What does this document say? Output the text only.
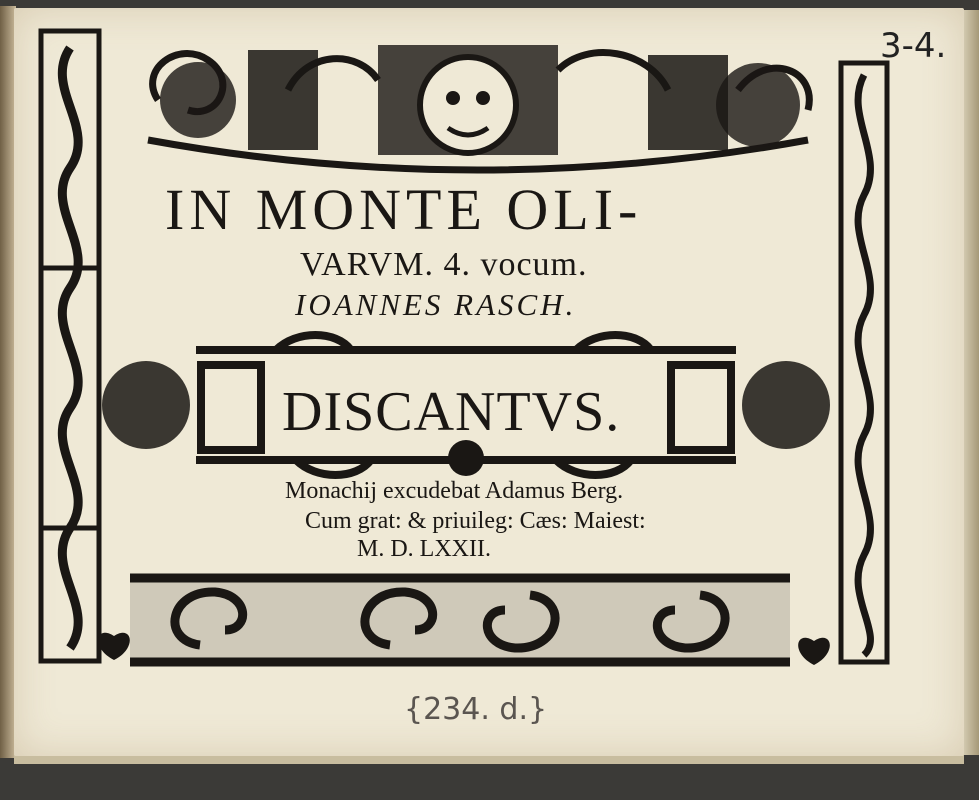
IN MONTE OLI-
VARVM. 4. vocum.
IOANNES RASCH.
DISCANTVS.
Monachij excudebat Adamus Berg.
Cum grat: & priuileg: Cæs: Maiest:
M. D. LXXII.
3-4.
{234. d.}
